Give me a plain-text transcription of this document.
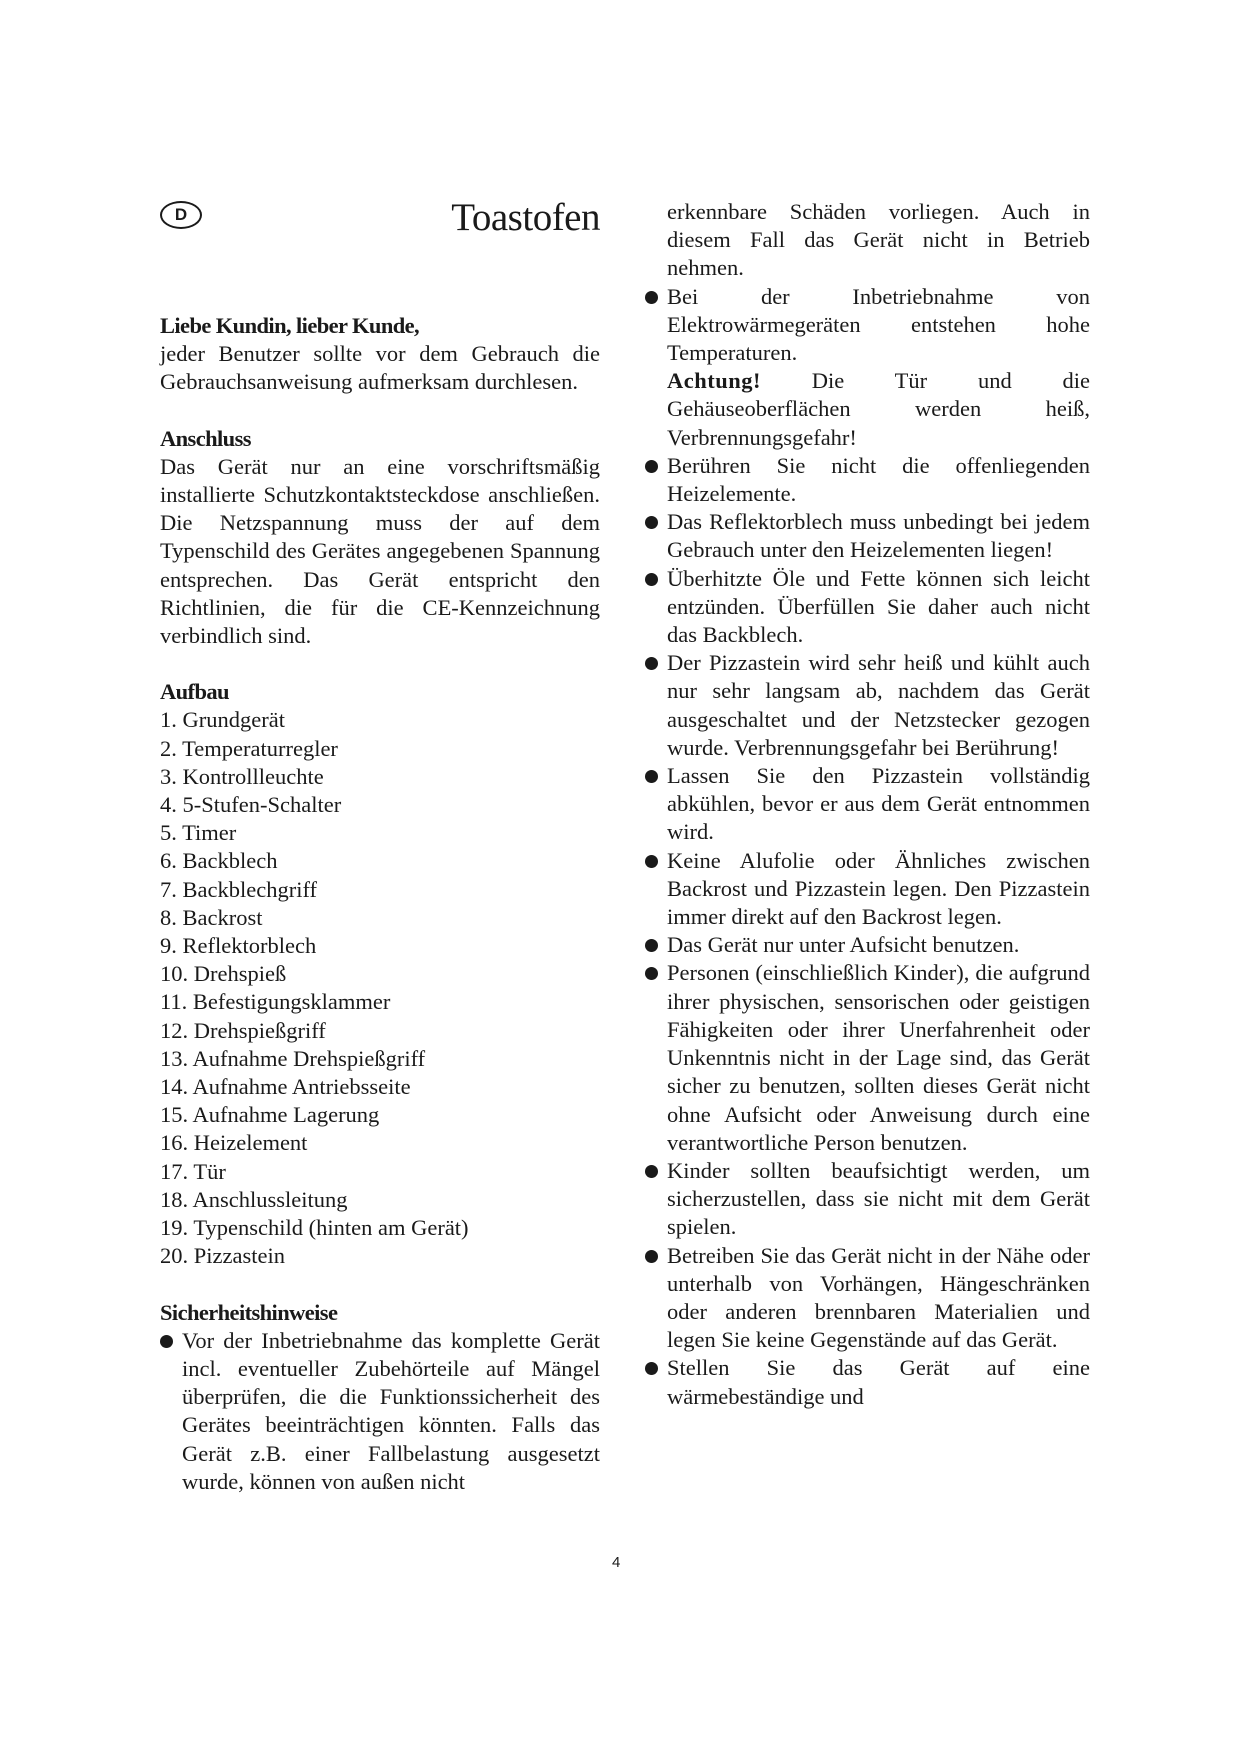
D	Toastofen
Liebe Kundin, lieber Kunde,

jeder Benutzer sollte vor dem Gebrauch die Gebrauchsanweisung aufmerksam durchlesen.

Anschluss

Das Gerät nur an eine vorschriftsmäßig installierte Schutzkontaktsteckdose anschließen. Die Netzspannung muss der auf dem Typenschild des Gerätes angegebenen Spannung entsprechen. Das Gerät entspricht den Richtlinien, die für die CE-Kennzeichnung verbindlich sind.

Aufbau
1. Grundgerät
2. Temperaturregler
3. Kontrollleuchte
4. 5-Stufen-Schalter
5. Timer
6. Backblech
7. Backblechgriff
8. Backrost
9. Reflektorblech
10. Drehspieß
11. Befestigungsklammer
12. Drehspießgriff
13. Aufnahme Drehspießgriff
14. Aufnahme Antriebsseite
15. Aufnahme Lagerung
16. Heizelement
17. Tür
18. Anschlussleitung
19. Typenschild (hinten am Gerät)
20. Pizzastein
Sicherheitshinweise
Vor der Inbetriebnahme das komplette Gerät incl. eventueller Zubehörteile auf Mängel überprüfen, die die Funktionssicherheit des Gerätes beeinträchtigen könnten. Falls das Gerät z.B. einer Fallbelastung ausgesetzt wurde, können von außen nicht
erkennbare Schäden vorliegen. Auch in diesem Fall das Gerät nicht in Betrieb nehmen.
Bei der Inbetriebnahme von Elektrowärmegeräten entstehen hohe Temperaturen.
Achtung! Die Tür und die Gehäuseoberflächen werden heiß, Verbrennungsgefahr!
Berühren Sie nicht die offenliegenden Heizelemente.
Das Reflektorblech muss unbedingt bei jedem Gebrauch unter den Heizelementen liegen!
Überhitzte Öle und Fette können sich leicht entzünden. Überfüllen Sie daher auch nicht das Backblech.
Der Pizzastein wird sehr heiß und kühlt auch nur sehr langsam ab, nachdem das Gerät ausgeschaltet und der Netzstecker gezogen wurde. Verbrennungsgefahr bei Berührung!
Lassen Sie den Pizzastein vollständig abkühlen, bevor er aus dem Gerät entnommen wird.
Keine Alufolie oder Ähnliches zwischen Backrost und Pizzastein legen. Den Pizzastein immer direkt auf den Backrost legen.
Das Gerät nur unter Aufsicht benutzen.
Personen (einschließlich Kinder), die aufgrund ihrer physischen, sensorischen oder geistigen Fähigkeiten oder ihrer Unerfahrenheit oder Unkenntnis nicht in der Lage sind, das Gerät sicher zu benutzen, sollten dieses Gerät nicht ohne Aufsicht oder Anweisung durch eine verantwortliche Person benutzen.
Kinder sollten beaufsichtigt werden, um sicherzustellen, dass sie nicht mit dem Gerät spielen.
Betreiben Sie das Gerät nicht in der Nähe oder unterhalb von Vorhängen, Hängeschränken oder anderen brennbaren Materialien und legen Sie keine Gegenstände auf das Gerät.
Stellen Sie das Gerät auf eine wärmebeständige und
4
